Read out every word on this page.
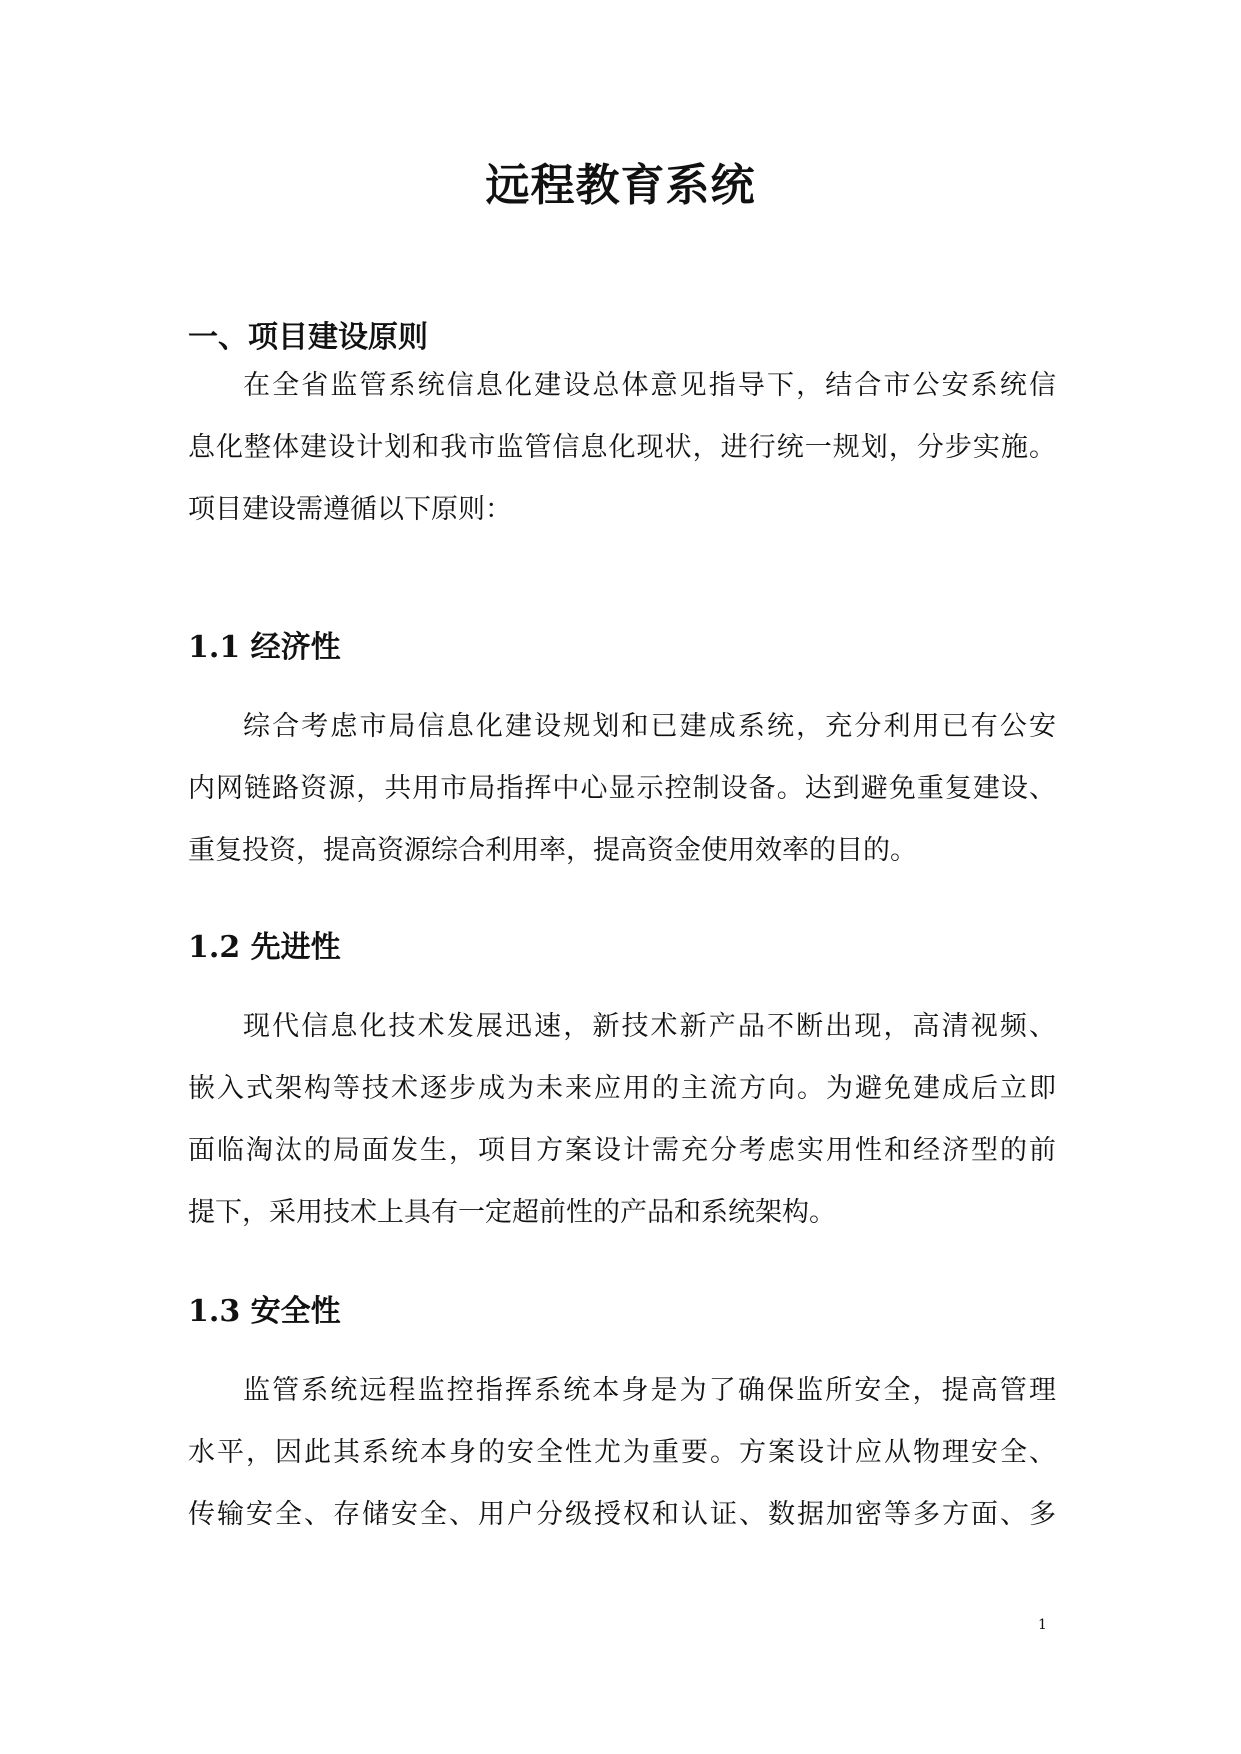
远程教育系统
一、项目建设原则
在全省监管系统信息化建设总体意见指导下，结合市公安系统信
息化整体建设计划和我市监管信息化现状，进行统一规划，分步实施。
项目建设需遵循以下原则：
1.1 经济性
综合考虑市局信息化建设规划和已建成系统，充分利用已有公安
内网链路资源，共用市局指挥中心显示控制设备。达到避免重复建设、
重复投资，提高资源综合利用率，提高资金使用效率的目的。
1.2 先进性
现代信息化技术发展迅速，新技术新产品不断出现，高清视频、
嵌入式架构等技术逐步成为未来应用的主流方向。为避免建成后立即
面临淘汰的局面发生，项目方案设计需充分考虑实用性和经济型的前
提下，采用技术上具有一定超前性的产品和系统架构。
1.3 安全性
监管系统远程监控指挥系统本身是为了确保监所安全，提高管理
水平，因此其系统本身的安全性尤为重要。方案设计应从物理安全、
传输安全、存储安全、用户分级授权和认证、数据加密等多方面、多
1
